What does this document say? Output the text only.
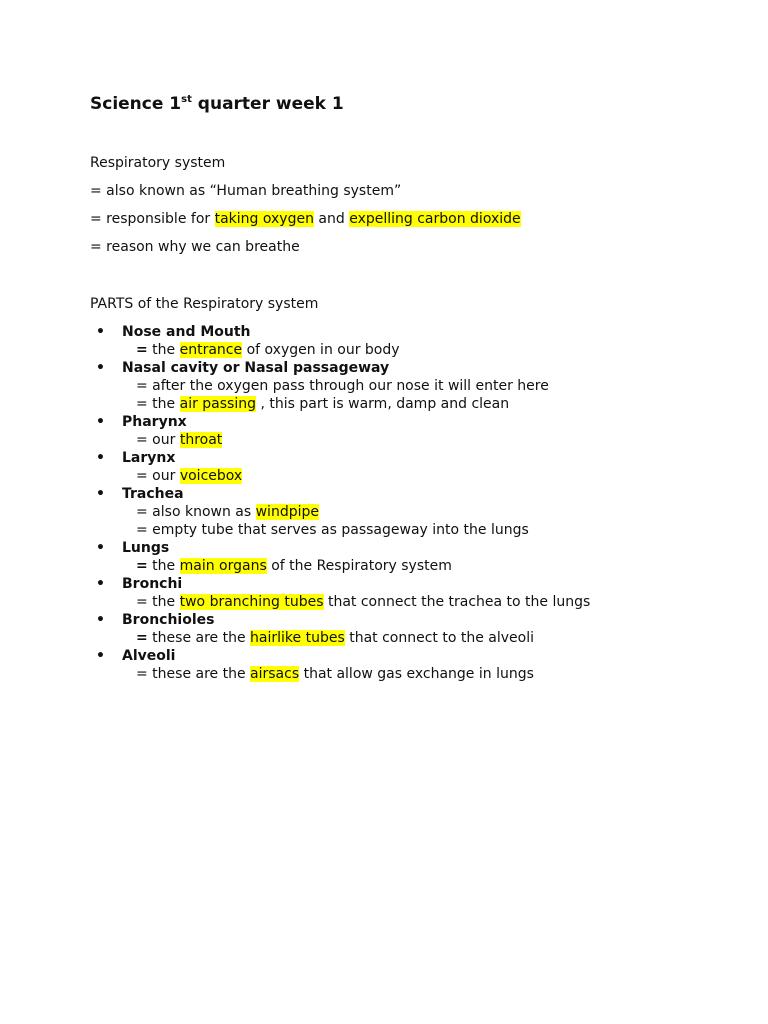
Science 1st quarter week 1

Respiratory system

= also known as “Human breathing system”

= responsible for taking oxygen and expelling carbon dioxide

= reason why we can breathe

PARTS of the Respiratory system

• Nose and Mouth
= the entrance of oxygen in our body
• Nasal cavity or Nasal passageway
= after the oxygen pass through our nose it will enter here
= the air passing , this part is warm, damp and clean
• Pharynx
= our throat
• Larynx
= our voicebox
• Trachea
= also known as windpipe
= empty tube that serves as passageway into the lungs
• Lungs
= the main organs of the Respiratory system
• Bronchi
= the two branching tubes that connect the trachea to the lungs
• Bronchioles
= these are the hairlike tubes that connect to the alveoli
• Alveoli
= these are the airsacs that allow gas exchange in lungs
